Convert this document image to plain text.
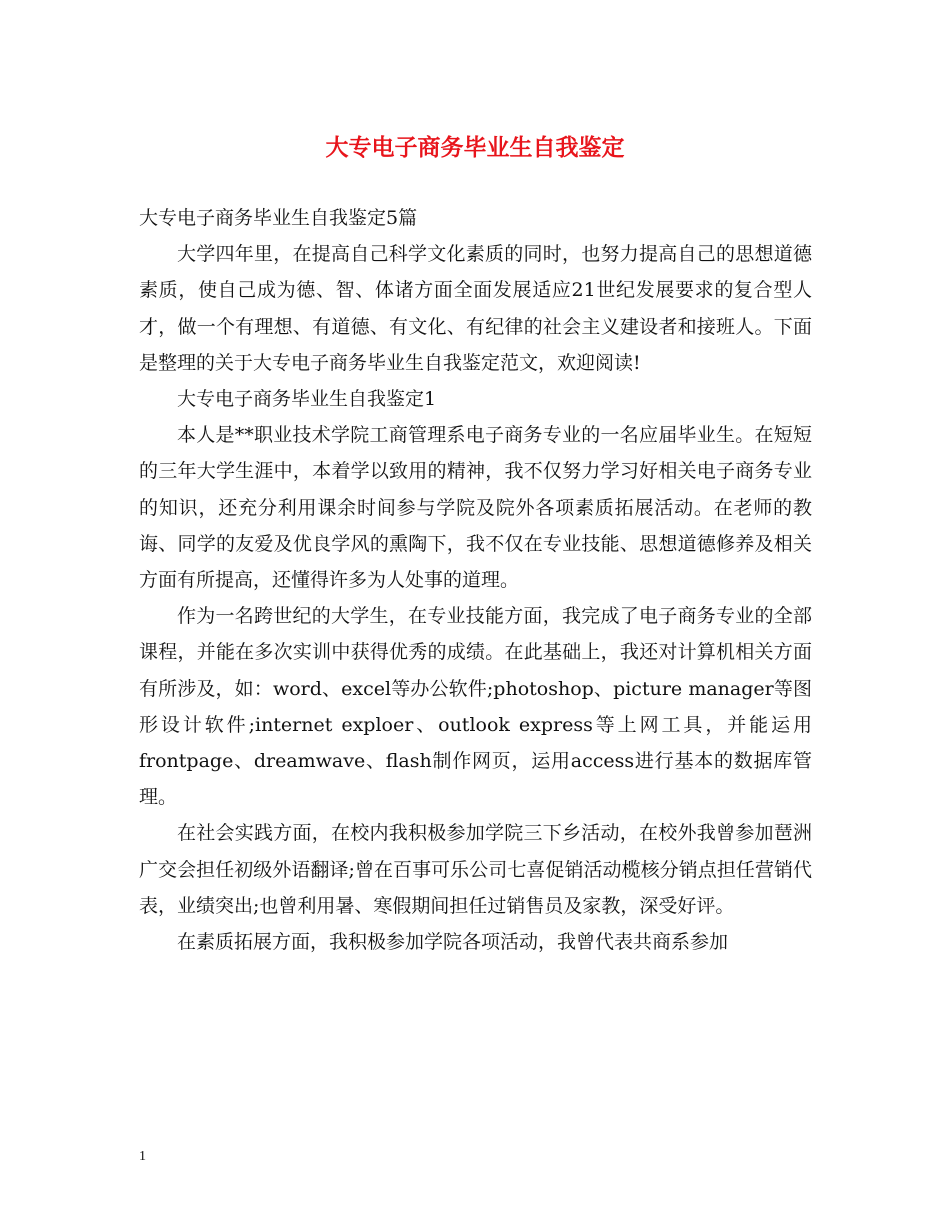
大专电子商务毕业生自我鉴定

大专电子商务毕业生自我鉴定5篇

大学四年里，在提高自己科学文化素质的同时，也努力提高自己的思想道德素质，使自己成为德、智、体诸方面全面发展适应21世纪发展要求的复合型人才，做一个有理想、有道德、有文化、有纪律的社会主义建设者和接班人。下面是整理的关于大专电子商务毕业生自我鉴定范文，欢迎阅读!

大专电子商务毕业生自我鉴定1

本人是**职业技术学院工商管理系电子商务专业的一名应届毕业生。在短短的三年大学生涯中，本着学以致用的精神，我不仅努力学习好相关电子商务专业的知识，还充分利用课余时间参与学院及院外各项素质拓展活动。在老师的教诲、同学的友爱及优良学风的熏陶下，我不仅在专业技能、思想道德修养及相关方面有所提高，还懂得许多为人处事的道理。

作为一名跨世纪的大学生，在专业技能方面，我完成了电子商务专业的全部课程，并能在多次实训中获得优秀的成绩。在此基础上，我还对计算机相关方面有所涉及，如：word、excel等办公软件;photoshop、picture manager等图形设计软件;internet exploer、outlook express等上网工具，并能运用frontpage、dreamwave、flash制作网页，运用access进行基本的数据库管理。

在社会实践方面，在校内我积极参加学院三下乡活动，在校外我曾参加琶洲广交会担任初级外语翻译;曾在百事可乐公司七喜促销活动榄核分销点担任营销代表，业绩突出;也曾利用暑、寒假期间担任过销售员及家教，深受好评。

在素质拓展方面，我积极参加学院各项活动，我曾代表共商系参加

1
